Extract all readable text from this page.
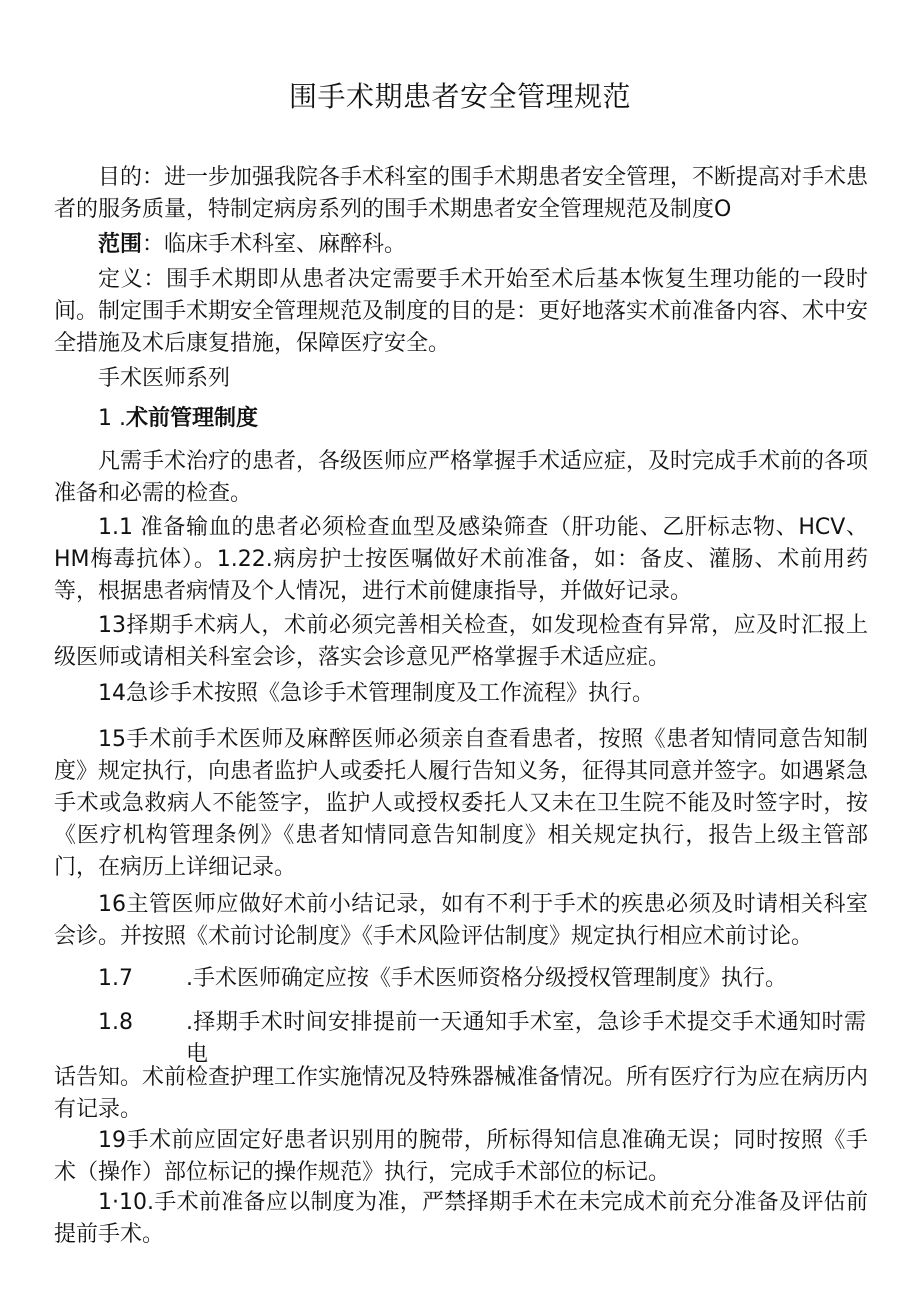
围手术期患者安全管理规范

目的：进一步加强我院各手术科室的围手术期患者安全管理，不断提高对手术患者的服务质量，特制定病房系列的围手术期患者安全管理规范及制度O

范围：临床手术科室、麻醉科。

定义：围手术期即从患者决定需要手术开始至术后基本恢复生理功能的一段时间。制定围手术期安全管理规范及制度的目的是：更好地落实术前准备内容、术中安全措施及术后康复措施，保障医疗安全。

手术医师系列

1 .术前管理制度

凡需手术治疗的患者，各级医师应严格掌握手术适应症，及时完成手术前的各项准备和必需的检查。

1.1 准备输血的患者必须检查血型及感染筛查（肝功能、乙肝标志物、HCV、HM梅毒抗体）。1.22.病房护士按医嘱做好术前准备，如：备皮、灌肠、术前用药等，根据患者病情及个人情况，进行术前健康指导，并做好记录。

13择期手术病人，术前必须完善相关检查，如发现检查有异常，应及时汇报上级医师或请相关科室会诊，落实会诊意见严格掌握手术适应症。

14急诊手术按照《急诊手术管理制度及工作流程》执行。

15手术前手术医师及麻醉医师必须亲自查看患者，按照《患者知情同意告知制度》规定执行，向患者监护人或委托人履行告知义务，征得其同意并签字。如遇紧急手术或急救病人不能签字，监护人或授权委托人又未在卫生院不能及时签字时，按《医疗机构管理条例》《患者知情同意告知制度》相关规定执行，报告上级主管部门，在病历上详细记录。

16主管医师应做好术前小结记录，如有不利于手术的疾患必须及时请相关科室会诊。并按照《术前讨论制度》《手术风险评估制度》规定执行相应术前讨论。

1.7 .手术医师确定应按《手术医师资格分级授权管理制度》执行。
1.8 .择期手术时间安排提前一天通知手术室，急诊手术提交手术通知时需电

话告知。术前检查护理工作实施情况及特殊器械准备情况。所有医疗行为应在病历内有记录。

19手术前应固定好患者识别用的腕带，所标得知信息准确无误；同时按照《手术（操作）部位标记的操作规范》执行，完成手术部位的标记。

1·10.手术前准备应以制度为准，严禁择期手术在未完成术前充分准备及评估前提前手术。
